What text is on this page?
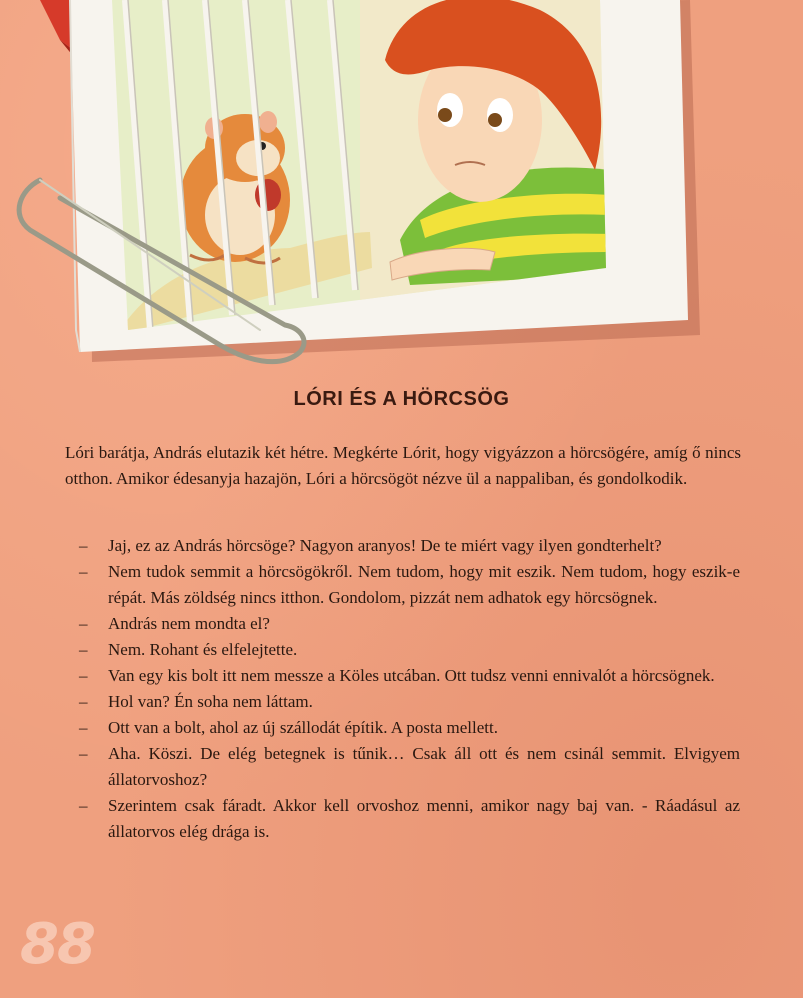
LÓRI ÉS A HÖRCSÖG

Lóri barátja, András elutazik két hétre. Megkérte Lórit, hogy vigyázzon a hörcsögére, amíg ő nincs otthon. Amikor édesanyja hazajön, Lóri a hörcsögöt nézve ül a nappaliban, és gondolkodik.

– Jaj, ez az András hörcsöge? Nagyon aranyos! De te miért vagy ilyen gondterhelt?
– Nem tudok semmit a hörcsögökről. Nem tudom, hogy mit eszik. Nem tudom, hogy eszik-e répát. Más zöldség nincs itthon. Gondolom, pizzát nem adhatok egy hörcsögnek.
– András nem mondta el?
– Nem. Rohant és elfelejtette.
– Van egy kis bolt itt nem messze a Köles utcában. Ott tudsz venni ennivalót a hörcsögnek.
– Hol van? Én soha nem láttam.
– Ott van a bolt, ahol az új szállodát építik. A posta mellett.
– Aha. Köszi. De elég betegnek is tűnik… Csak áll ott és nem csinál semmit. Elvigyem állatorvoshoz?
– Szerintem csak fáradt. Akkor kell orvoshoz menni, amikor nagy baj van. - Ráadásul az állatorvos elég drága is.
88
